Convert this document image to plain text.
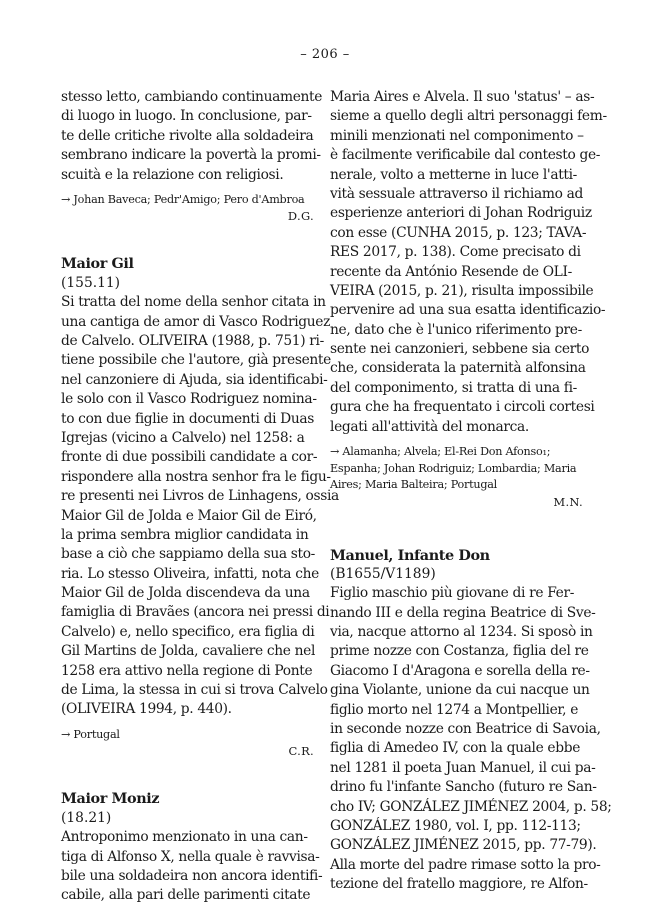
– 206 –
stesso letto, cambiando continuamente
di luogo in luogo. In conclusione, par-
te delle critiche rivolte alla soldadeira
sembrano indicare la povertà la promi-
scuità e la relazione con religiosi.
→ Johan Baveca; Pedr'Amigo; Pero d'Ambroa
D.G.
Maior Gil
(155.11)
Si tratta del nome della senhor citata in
una cantiga de amor di Vasco Rodriguez
de Calvelo. OLIVEIRA (1988, p. 751) ri-
tiene possibile che l'autore, già presente
nel canzoniere di Ajuda, sia identificabi-
le solo con il Vasco Rodriguez nomina-
to con due figlie in documenti di Duas
Igrejas (vicino a Calvelo) nel 1258: a
fronte di due possibili candidate a cor-
rispondere alla nostra senhor fra le figu-
re presenti nei Livros de Linhagens, ossia
Maior Gil de Jolda e Maior Gil de Eiró,
la prima sembra miglior candidata in
base a ciò che sappiamo della sua sto-
ria. Lo stesso Oliveira, infatti, nota che
Maior Gil de Jolda discendeva da una
famiglia di Bravães (ancora nei pressi di
Calvelo) e, nello specifico, era figlia di
Gil Martins de Jolda, cavaliere che nel
1258 era attivo nella regione di Ponte
de Lima, la stessa in cui si trova Calvelo
(OLIVEIRA 1994, p. 440).
→ Portugal
C.R.
Maior Moniz
(18.21)
Antroponimo menzionato in una can-
tiga di Alfonso X, nella quale è ravvisa-
bile una soldadeira non ancora identifi-
cabile, alla pari delle parimenti citate
Maria Aires e Alvela. Il suo 'status' – as-
sieme a quello degli altri personaggi fem-
minili menzionati nel componimento –
è facilmente verificabile dal contesto ge-
nerale, volto a metterne in luce l'atti-
vità sessuale attraverso il richiamo ad
esperienze anteriori di Johan Rodriguiz
con esse (CUNHA 2015, p. 123; TAVA-
RES 2017, p. 138). Come precisato di
recente da António Resende de OLI-
VEIRA (2015, p. 21), risulta impossibile
pervenire ad una sua esatta identificazio-
ne, dato che è l'unico riferimento pre-
sente nei canzonieri, sebbene sia certo
che, considerata la paternità alfonsina
del componimento, si tratta di una fi-
gura che ha frequentato i circoli cortesi
legati all'attività del monarca.
→ Alamanha; Alvela; El-Rei Don Afonso₁;
Espanha; Johan Rodriguiz; Lombardia; Maria
Aires; Maria Balteira; Portugal
M.N.
Manuel, Infante Don
(B1655/V1189)
Figlio maschio più giovane di re Fer-
nando III e della regina Beatrice di Sve-
via, nacque attorno al 1234. Si sposò in
prime nozze con Costanza, figlia del re
Giacomo I d'Aragona e sorella della re-
gina Violante, unione da cui nacque un
figlio morto nel 1274 a Montpellier, e
in seconde nozze con Beatrice di Savoia,
figlia di Amedeo IV, con la quale ebbe
nel 1281 il poeta Juan Manuel, il cui pa-
drino fu l'infante Sancho (futuro re San-
cho IV; GONZÁLEZ JIMÉNEZ 2004, p. 58;
GONZÁLEZ 1980, vol. I, pp. 112-113;
GONZÁLEZ JIMÉNEZ 2015, pp. 77-79).
Alla morte del padre rimase sotto la pro-
tezione del fratello maggiore, re Alfon-
